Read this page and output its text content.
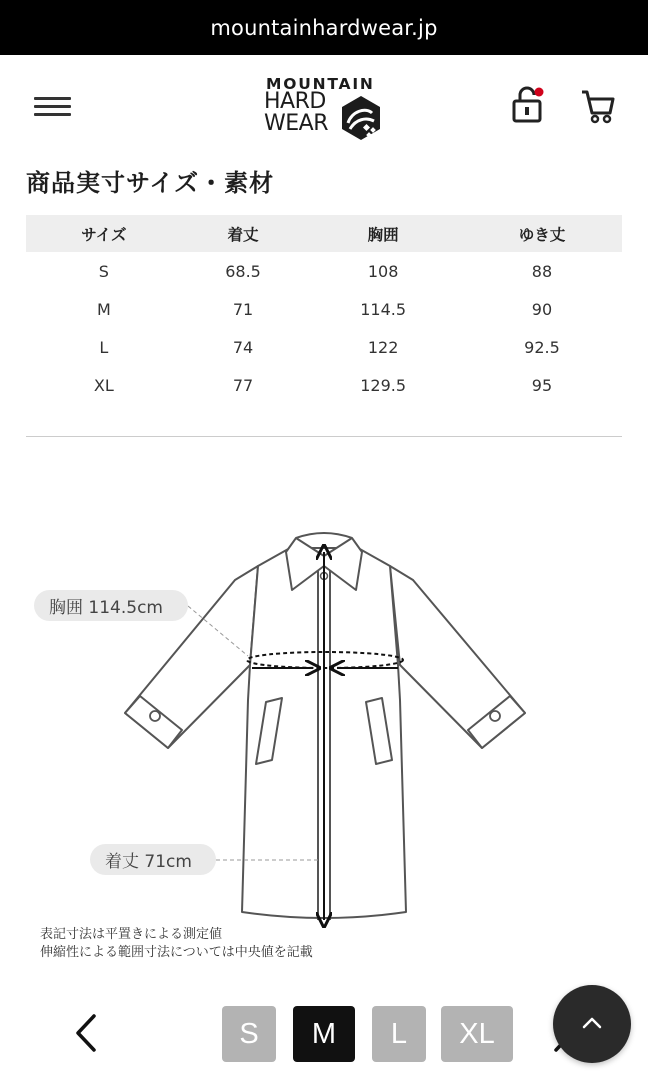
mountainhardwear.jp
MOUNTAIN
HARD
WEAR
商品実寸サイズ・素材
サイズ	着丈	胸囲	ゆき丈
S	68.5	108	88
M	71	114.5	90
L	74	122	92.5
XL	77	129.5	95
胸囲 114.5cm
着丈 71cm
表記寸法は平置きによる測定値
伸縮性による範囲寸法については中央値を記載
S	M	L	XL
